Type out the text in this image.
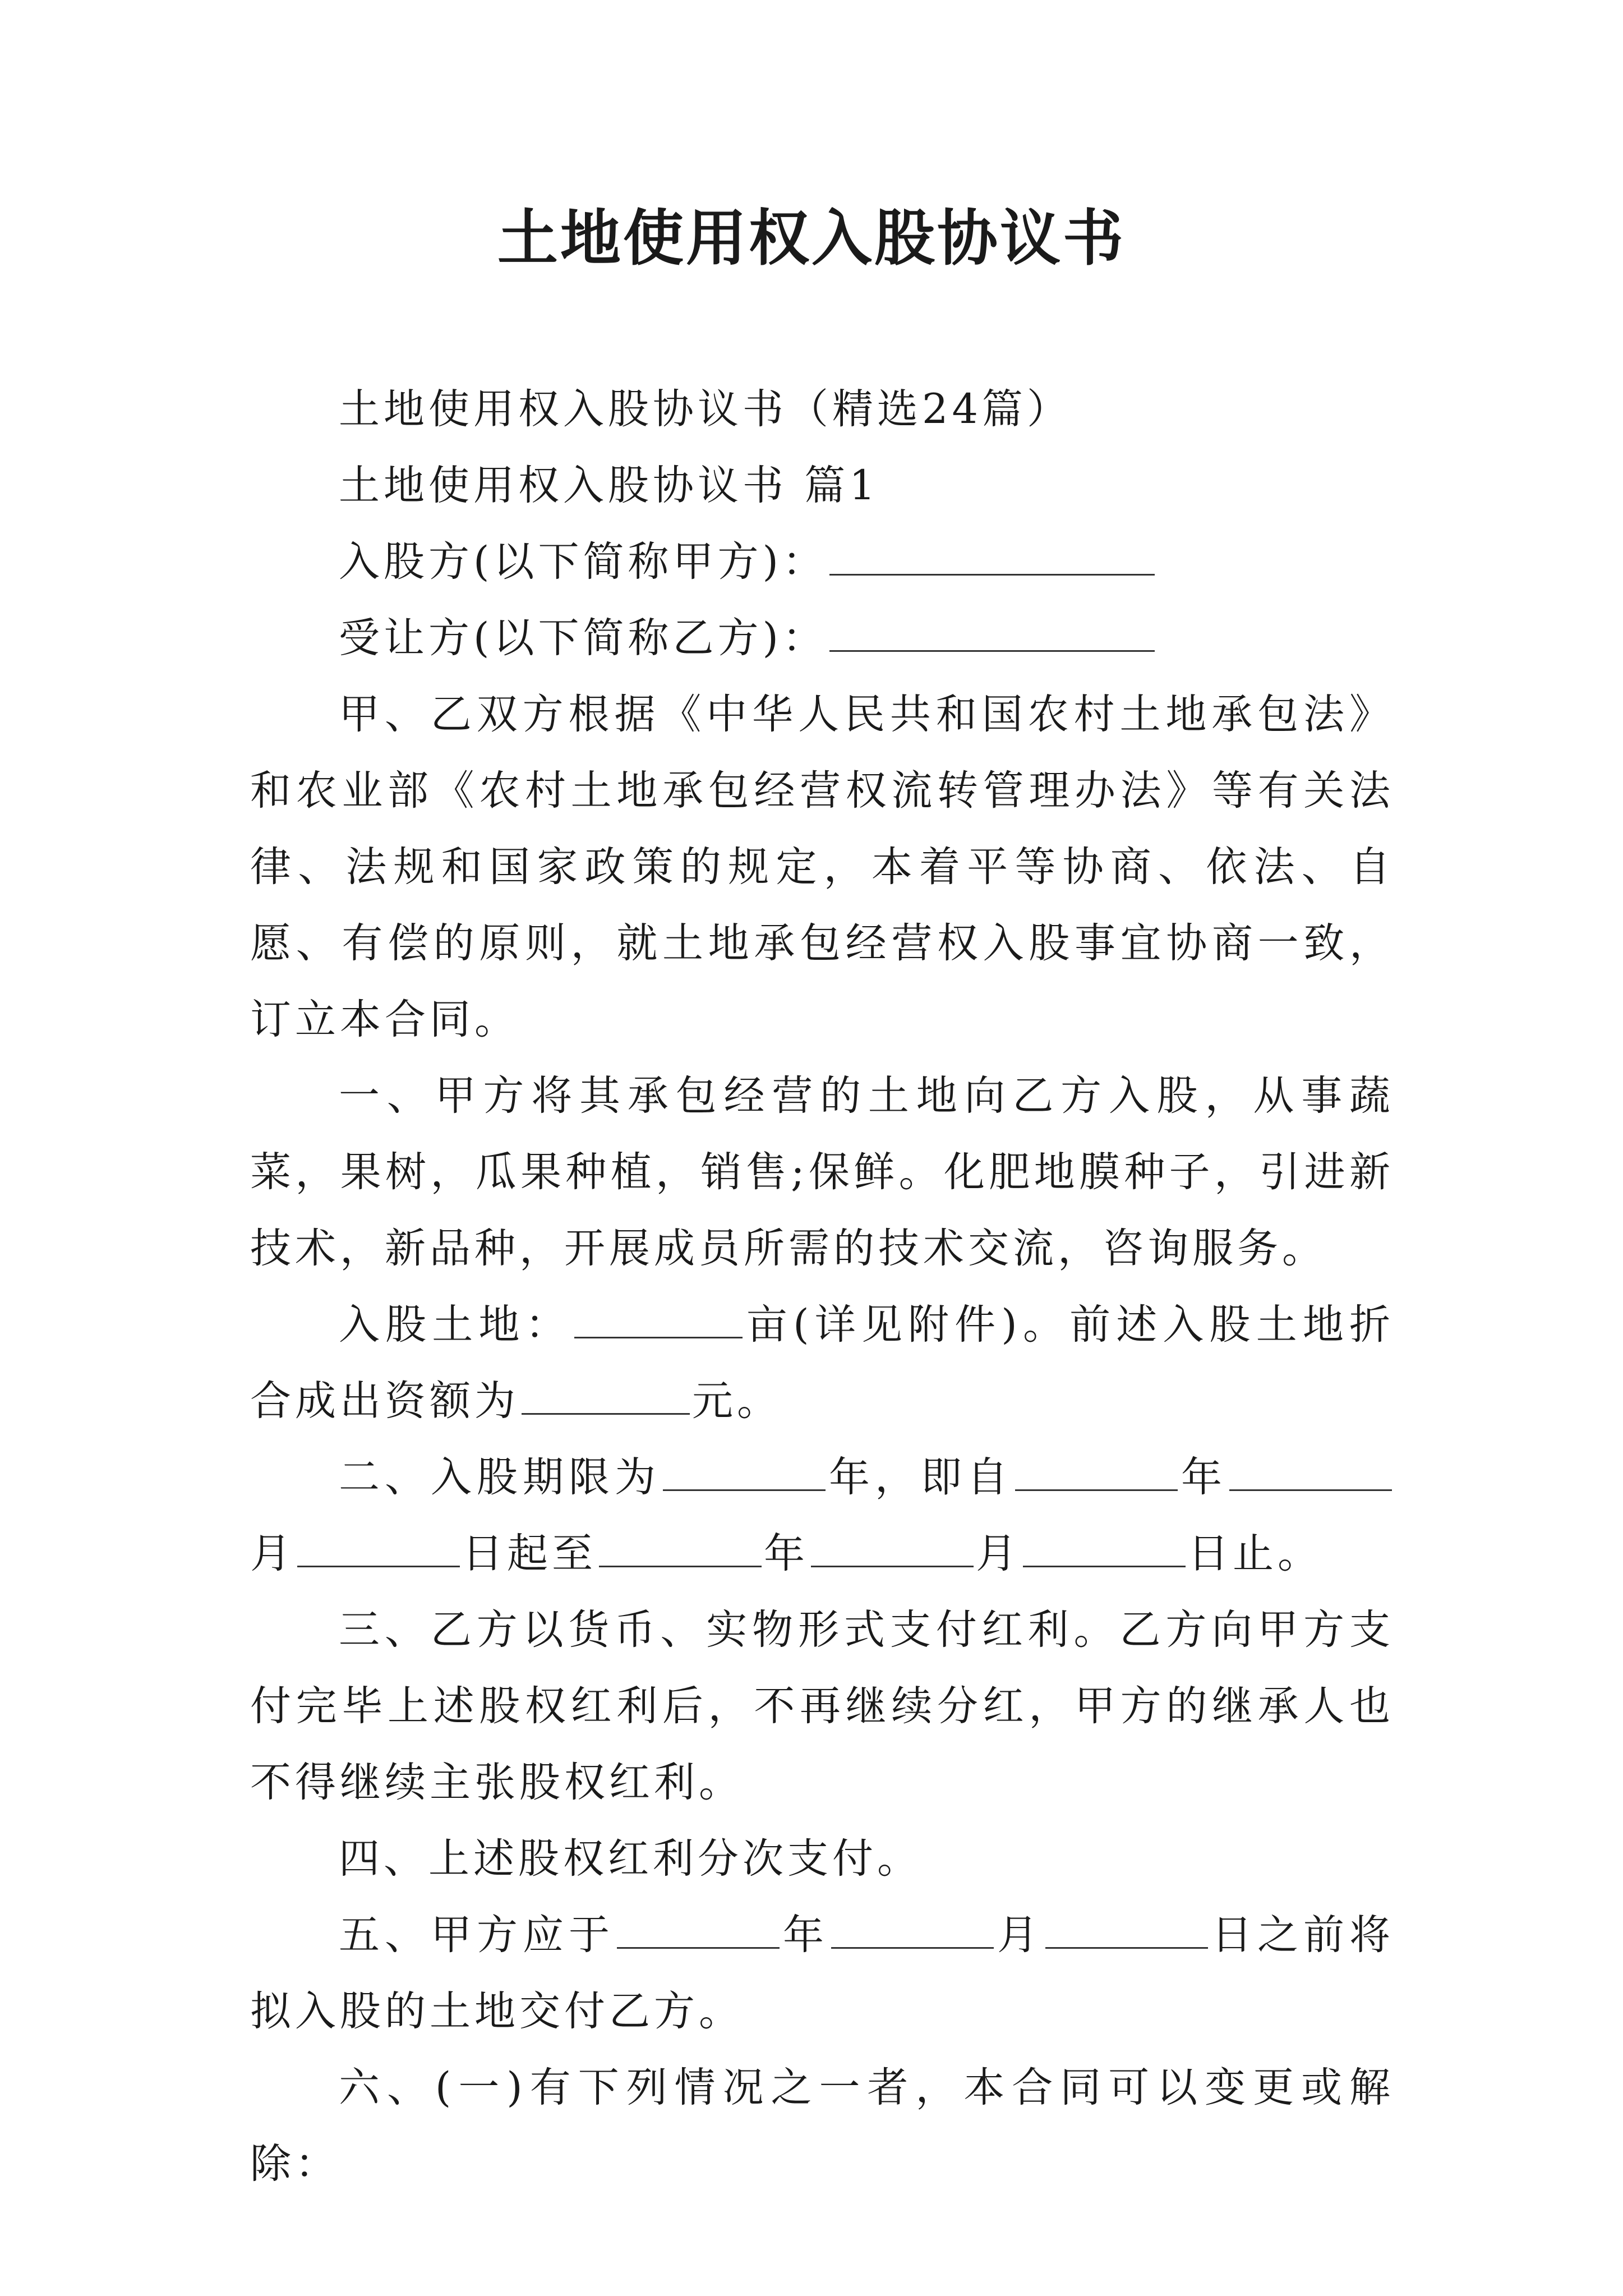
土地使用权入股协议书

土地使用权入股协议书（精选24篇）

土地使用权入股协议书 篇1

入股方(以下简称甲方)：

受让方(以下简称乙方)：

甲、乙双方根据《中华人民共和国农村土地承包法》和农业部《农村土地承包经营权流转管理办法》等有关法律、法规和国家政策的规定，本着平等协商、依法、自愿、有偿的原则，就土地承包经营权入股事宜协商一致，订立本合同。

一、甲方将其承包经营的土地向乙方入股，从事蔬菜，果树，瓜果种植，销售;保鲜。化肥地膜种子，引进新技术，新品种，开展成员所需的技术交流，咨询服务。

入股土地：	亩(详见附件)。前述入股土地折合成出资额为	元。

二、入股期限为	年，即自	年月	日起至	年	月	日止。

三、乙方以货币、实物形式支付红利。乙方向甲方支付完毕上述股权红利后，不再继续分红，甲方的继承人也不得继续主张股权红利。

四、上述股权红利分次支付。

五、甲方应于	年	月	日之前将拟入股的土地交付乙方。

六、(一)有下列情况之一者，本合同可以变更或解除：
